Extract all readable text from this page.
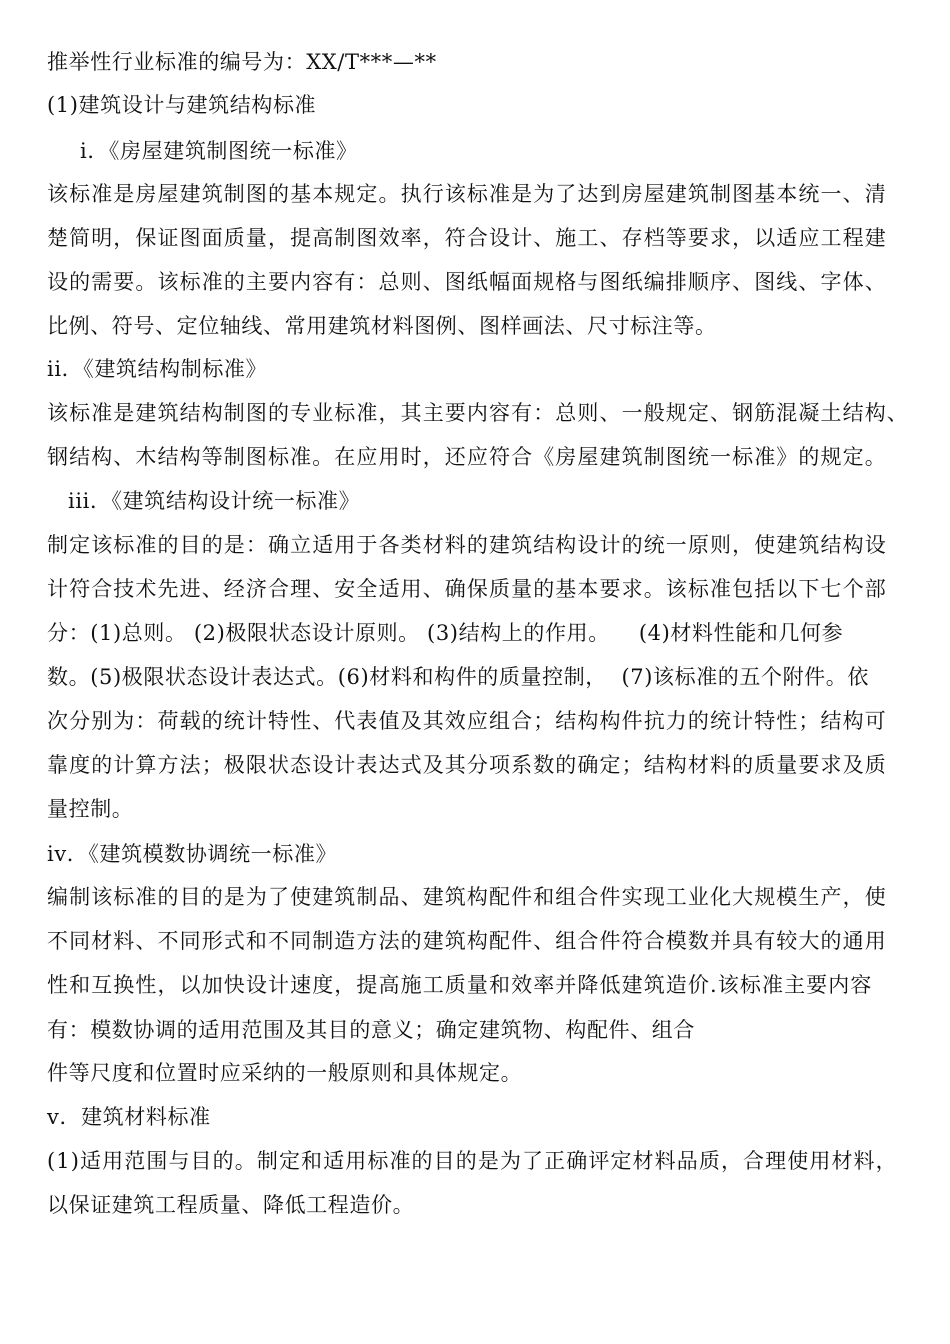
推举性行业标准的编号为：XX/T***—**
(1)建筑设计与建筑结构标准
i．《房屋建筑制图统一标准》
该标准是房屋建筑制图的基本规定。执行该标准是为了达到房屋建筑制图基本统一、清
楚简明，保证图面质量，提高制图效率，符合设计、施工、存档等要求，以适应工程建
设的需要。该标准的主要内容有：总则、图纸幅面规格与图纸编排顺序、图线、字体、
比例、符号、定位轴线、常用建筑材料图例、图样画法、尺寸标注等。
ii．《建筑结构制标准》
该标准是建筑结构制图的专业标准，其主要内容有：总则、一般规定、钢筋混凝土结构、
钢结构、木结构等制图标准。在应用时，还应符合《房屋建筑制图统一标准》的规定。
iii．《建筑结构设计统一标准》
制定该标准的目的是：确立适用于各类材料的建筑结构设计的统一原则，使建筑结构设
计符合技术先进、经济合理、安全适用、确保质量的基本要求。该标准包括以下七个部
分：(1)总则。 (2)极限状态设计原则。 (3)结构上的作用。    (4)材料性能和几何参
数。(5)极限状态设计表达式。(6)材料和构件的质量控制，  (7)该标准的五个附件。依
次分别为：荷载的统计特性、代表值及其效应组合；结构构件抗力的统计特性；结构可
靠度的计算方法；极限状态设计表达式及其分项系数的确定；结构材料的质量要求及质
量控制。
iv．《建筑模数协调统一标准》
编制该标准的目的是为了使建筑制品、建筑构配件和组合件实现工业化大规模生产，使
不同材料、不同形式和不同制造方法的建筑构配件、组合件符合模数并具有较大的通用
性和互换性，以加快设计速度，提高施工质量和效率并降低建筑造价.该标准主要内容
有：模数协调的适用范围及其目的意义；确定建筑物、构配件、组合
件等尺度和位置时应采纳的一般原则和具体规定。
v．建筑材料标准
(1)适用范围与目的。制定和适用标准的目的是为了正确评定材料品质，合理使用材料，
以保证建筑工程质量、降低工程造价。
